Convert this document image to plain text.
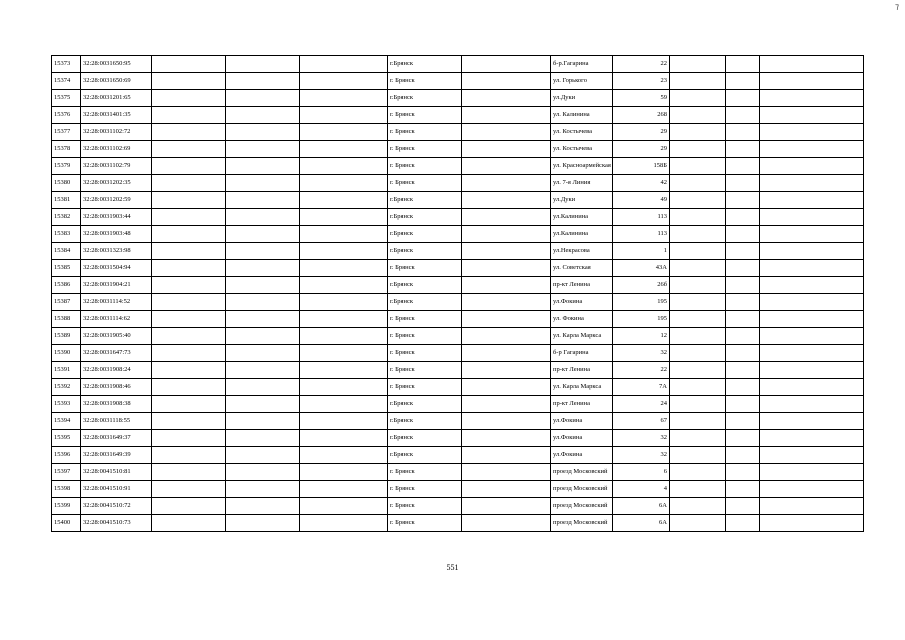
⁊
15373	32:28:0031650:95				г.Брянск		б-р.Гагарина	22			
15374	32:28:0031650:69				г. Брянск		ул. Горького	23			
15375	32:28:0031201:65				г.Брянск		ул.Дуки	59			
15376	32:28:0031401:35				г. Брянск		ул. Калинина	268			
15377	32:28:0031102:72				г. Брянск		ул. Костычева	29			
15378	32:28:0031102:69				г. Брянск		ул. Костычева	29			
15379	32:28:0031102:79				г. Брянск		ул. Красноармейская	158Б			
15380	32:28:0031202:35				г. Брянск		ул. 7-я Линия	42			
15381	32:28:0031202:59				г.Брянск		ул.Дуки	49			
15382	32:28:0031903:44				г.Брянск		ул.Калинина	113			
15383	32:28:0031903:48				г.Брянск		ул.Калинина	113			
15384	32:28:0031323:98				г.Брянск		ул.Некрасова	1			
15385	32:28:0031504:94				г. Брянск		ул. Советская	43А			
15386	32:28:0031904:21				г.Брянск		пр-кт Ленина	26б			
15387	32:28:0031114:52				г.Брянск		ул.Фокина	195			
15388	32:28:0031114:62				г. Брянск		ул. Фокина	195			
15389	32:28:0031905:40				г. Брянск		ул. Карла Маркса	12			
15390	32:28:0031647:73				г. Брянск		б-р Гагарина	32			
15391	32:28:0031908:24				г. Брянск		пр-кт Ленина	22			
15392	32:28:0031908:46				г. Брянск		ул. Карла Маркса	7А			
15393	32:28:0031908:38				г.Брянск		пр-кт Ленина	24			
15394	32:28:0031118:55				г.Брянск		ул.Фокина	67			
15395	32:28:0031649:37				г.Брянск		ул.Фокина	32			
15396	32:28:0031649:39				г.Брянск		ул.Фокина	32			
15397	32:28:0041510:81				г. Брянск		проезд Московский	6			
15398	32:28:0041510:91				г. Брянск		проезд Московский	4			
15399	32:28:0041510:72				г. Брянск		проезд Московский	6А			
15400	32:28:0041510:73				г. Брянск		проезд Московский	6А			
551
